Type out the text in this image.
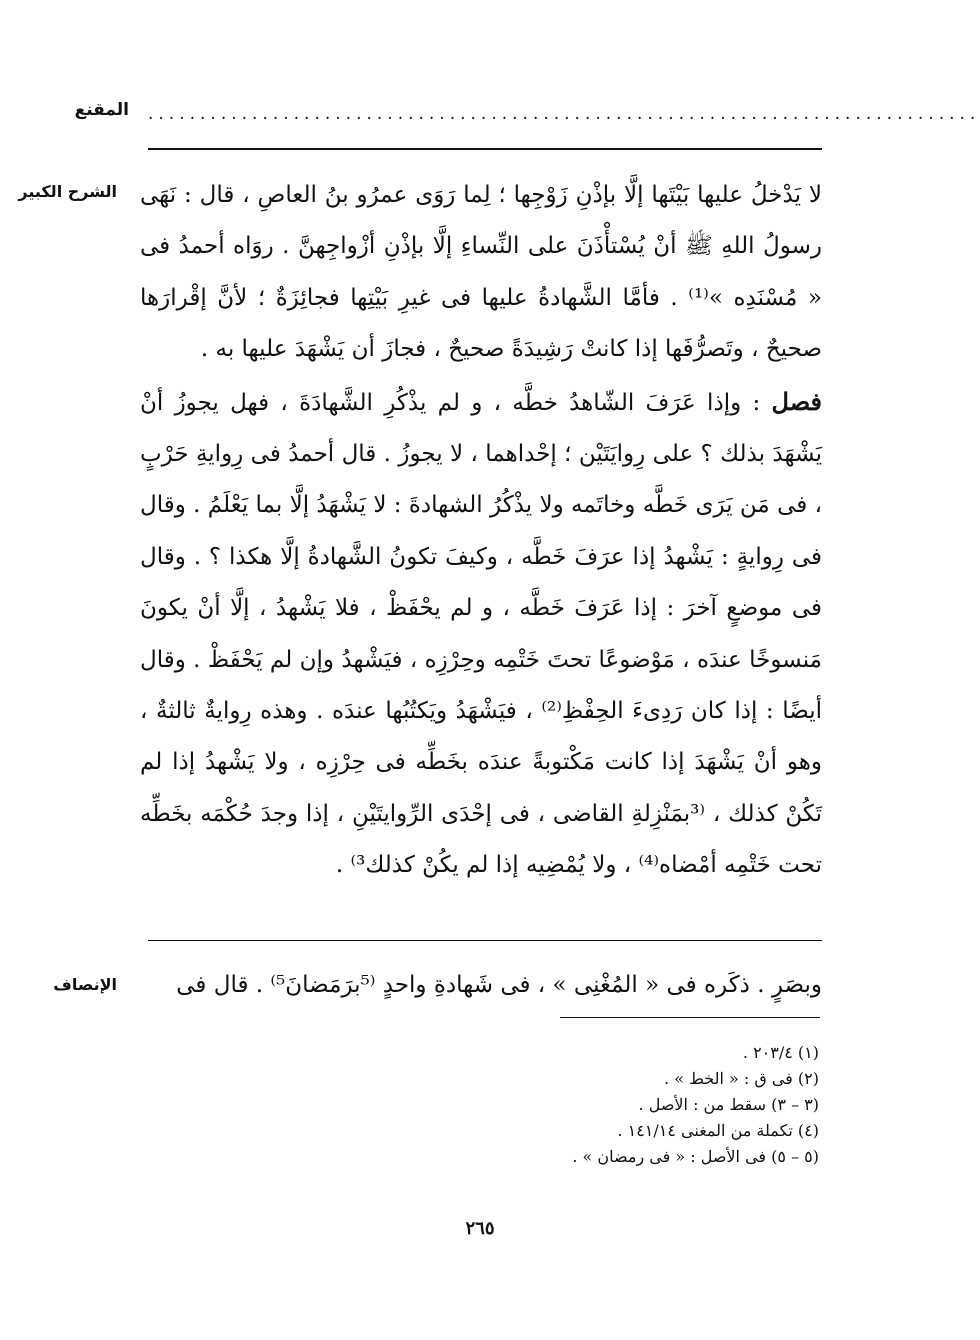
المقنع ................................................................................
الشرح الكبير لا يَدْخلُ عليها بَيْتَها إلَّا بإذْنِ زَوْجِها ؛ لِما رَوَى عمرُو بنُ العاصِ ، قال : نَهَى رسولُ اللهِ ﷺ أنْ يُسْتأْذَنَ على النِّساءِ إلَّا بإذْنِ أزْواجِهنَّ . روَاه أحمدُ فى « مُسْنَدِه »⁽¹⁾ . فأمَّا الشَّهادةُ عليها فى غيرِ بَيْتِها فجائِزَةٌ ؛ لأنَّ إقْرارَها صحيحٌ ، وتَصرُّفَها إذا كانتْ رَشِيدَةً صحيحٌ ، فجازَ أن يَشْهَدَ عليها به .

فصل : وإذا عَرَفَ الشّاهدُ خطَّه ، و لم يذْكُرِ الشَّهادَةَ ، فهل يجوزُ أنْ يَشْهَدَ بذلك ؟ على رِوايَتَيْن ؛ إحْداهما ، لا يجوزُ . قال أحمدُ فى رِوايةِ حَرْبٍ ، فى مَن يَرَى خَطَّه وخاتَمه ولا يذْكُرُ الشهادةَ : لا يَشْهَدُ إلَّا بما يَعْلَمُ . وقال فى رِوايةٍ : يَشْهدُ إذا عرَفَ خَطَّه ، وكيفَ تكونُ الشَّهادةُ إلَّا هكذا ؟ . وقال فى موضعٍ آخرَ : إذا عَرَفَ خَطَّه ، و لم يحْفَظْ ، فلا يَشْهدُ ، إلَّا أنْ يكونَ مَنسوخًا عندَه ، مَوْضوعًا تحتَ خَتْمِه وحِرْزِه ، فيَشْهدُ وإن لم يَحْفَظْ . وقال أيضًا : إذا كان رَدِىءَ الحِفْظِ⁽²⁾ ، فيَشْهَدُ ويَكتُبُها عندَه . وهذه رِوايةٌ ثالثةٌ ، وهو أنْ يَشْهَدَ إذا كانت مَكْتوبةً عندَه بخَطِّه فى حِرْزِه ، ولا يَشْهدُ إذا لم تَكُنْ كذلك ، ⁽³بمَنْزِلةِ القاضى ، فى إحْدَى الرِّوايتَيْنِ ، إذا وجدَ حُكْمَه بخَطِّه تحت خَتْمِه أمْضاه⁽⁴⁾ ، ولا يُمْضِيه إذا لم يكُنْ كذلك³⁾ .

الإنصاف	وبصَرٍ . ذكَره فى « المُغْنِى » ، فى شَهادةِ واحدٍ ⁽⁵برَمَضانَ⁵⁾ . قال فى
(١) ٢٠٣/٤ .
(٢) فى ق : « الخط » .
(٣ – ٣) سقط من : الأصل .
(٤) تكملة من المغنى ١٤١/١٤ .
(٥ – ٥) فى الأصل : « فى رمضان » .
٢٦٥
